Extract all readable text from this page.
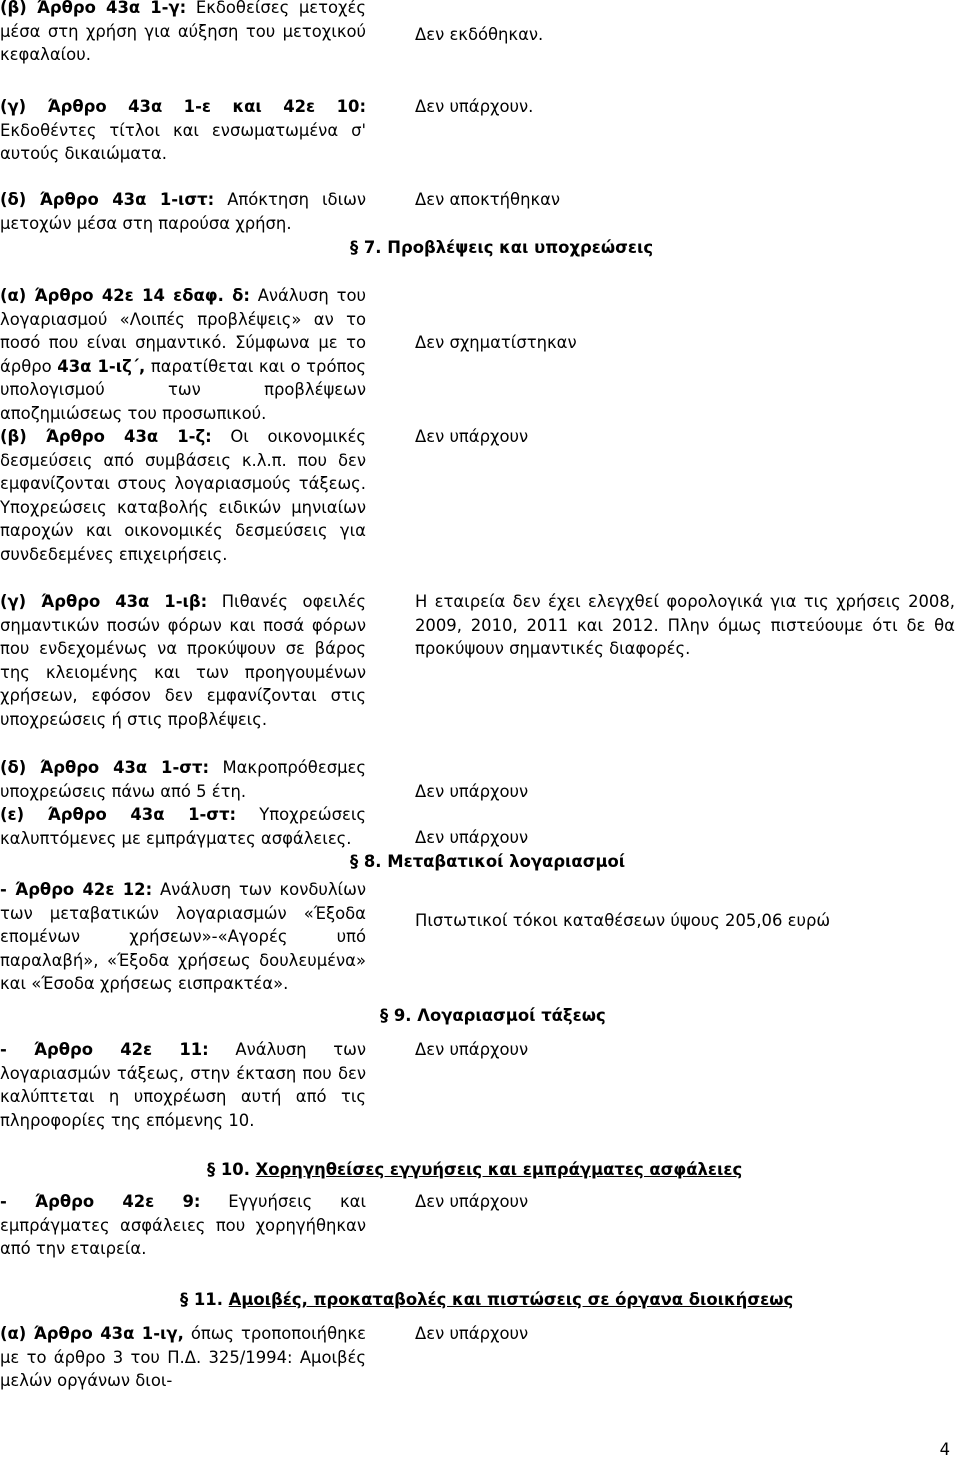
(β) Άρθρο 43α 1-γ: Εκδοθείσες μετοχές μέσα στη χρήση για αύξηση του μετοχικού κεφαλαίου.
(γ) Άρθρο 43α 1-ε και 42ε 10: Εκδοθέντες τίτλοι και ενσωματωμένα σ' αυτούς δικαιώματα.
(δ) Άρθρο 43α 1-ιστ: Απόκτηση ιδιων μετοχών μέσα στη παρούσα χρήση.
(α) Άρθρο 42ε 14 εδαφ. δ: Ανάλυση του λογαριασμού «Λοιπές προβλέψεις» αν το ποσό που είναι σημαντικό. Σύμφωνα με το άρθρο 43α 1-ιζ΄, παρατίθεται και ο τρόπος υπολογισμού των προβλέψεων αποζημιώσεως του προσωπικού.
(β) Άρθρο 43α 1-ζ: Οι οικονομικές δεσμεύσεις από συμβάσεις κ.λ.π. που δεν εμφανίζονται στους λογαριασμούς τάξεως. Υποχρεώσεις καταβολής ειδικών μηνιαίων παροχών και οικονομικές δεσμεύσεις για συνδεδεμένες επιχειρήσεις.
(γ) Άρθρο 43α 1-ιβ: Πιθανές οφειλές σημαντικών ποσών φόρων και ποσά φόρων που ενδεχομένως να προκύψουν σε βάρος της κλειομένης και των προηγουμένων χρήσεων, εφόσον δεν εμφανίζονται στις υποχρεώσεις ή στις προβλέψεις.
(δ) Άρθρο 43α 1-στ: Μακροπρόθεσμες υποχρεώσεις πάνω από 5 έτη.
(ε) Άρθρο 43α 1-στ: Υποχρεώσεις καλυπτόμενες με εμπράγματες ασφάλειες.
- Άρθρο 42ε 12: Ανάλυση των κονδυλίων των μεταβατικών λογαριασμών «Έξοδα επομένων χρήσεων»-«Αγορές υπό παραλαβή», «Έξοδα χρήσεως δουλευμένα» και «Έσοδα χρήσεως εισπρακτέα».
- Άρθρο 42ε 11: Ανάλυση των λογαριασμών τάξεως, στην έκταση που δεν καλύπτεται η υποχρέωση αυτή από τις πληροφορίες της επόμενης 10.
- Άρθρο 42ε 9: Εγγυήσεις και εμπράγματες ασφάλειες που χορηγήθηκαν από την εταιρεία.
(α) Άρθρο 43α 1-ιγ, όπως τροποποιήθηκε με το άρθρο 3 του Π.Δ. 325/1994: Αμοιβές μελών οργάνων διοι-
Δεν εκδόθηκαν.
Δεν υπάρχουν.
Δεν αποκτήθηκαν
Δεν σχηματίστηκαν
Δεν υπάρχουν
Η εταιρεία δεν έχει ελεγχθεί φορολογικά για τις χρήσεις 2008, 2009, 2010, 2011 και 2012. Πλην όμως πιστεύουμε ότι δε θα προκύψουν σημαντικές διαφορές.
Δεν υπάρχουν
Δεν υπάρχουν
Πιστωτικοί τόκοι καταθέσεων ύψους 205,06 ευρώ
Δεν υπάρχουν
Δεν υπάρχουν
Δεν υπάρχουν
§ 7. Προβλέψεις και υποχρεώσεις
§ 8. Μεταβατικοί λογαριασμοί
§ 9. Λογαριασμοί τάξεως
§ 10. Χορηγηθείσες εγγυήσεις και εμπράγματες ασφάλειες
§ 11. Αμοιβές, προκαταβολές και πιστώσεις σε όργανα διοικήσεως
4
